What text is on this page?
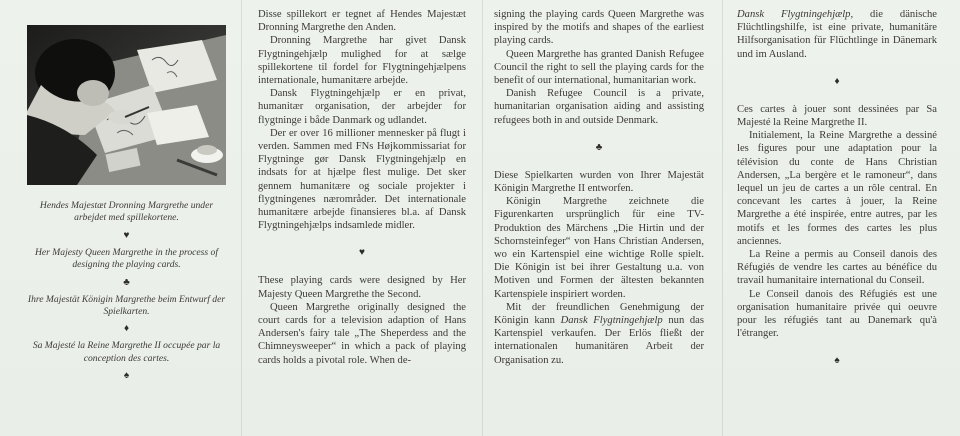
Hendes Majestæt Dronning Margrethe under arbejdet med spillekortene.

♥

Her Majesty Queen Margrethe in the process of designing the playing cards.

♣

Ihre Majestät Königin Margrethe beim Entwurf der Spielkarten.

♦

Sa Majesté la Reine Margrethe II occupée par la conception des cartes.

♠

Disse spillekort er tegnet af Hendes Majestæt Dronning Margrethe den Anden.

Dronning Margrethe har givet Dansk Flygtningehjælp mulighed for at sælge spillekortene til fordel for Flygtningehjælpens internationale, humanitære arbejde.

Dansk Flygtningehjælp er en privat, humanitær organisation, der arbejder for flygtninge i både Danmark og udlandet.

Der er over 16 millioner mennesker på flugt i verden. Sammen med FNs Højkommissariat for Flygtninge gør Dansk Flygtningehjælp en indsats for at hjælpe flest mulige. Det sker gennem humanitære og sociale projekter i flygtningenes nærområder. Det internationale humanitære arbejde finansieres bl.a. af Dansk Flygtningehjælps indsamlede midler.

♥

These playing cards were designed by Her Majesty Queen Margrethe the Second.

Queen Margrethe originally designed the court cards for a television adaption of Hans Andersen's fairy tale „The Sheperdess and the Chimneysweeper“ in which a pack of playing cards holds a pivotal role. When de-

signing the playing cards Queen Margrethe was inspired by the motifs and shapes of the earliest playing cards.

Queen Margrethe has granted Danish Refugee Council the right to sell the playing cards for the benefit of our international, humanitarian work.

Danish Refugee Council is a private, humanitarian organisation aiding and assisting refugees both in and outside Denmark.

♣

Diese Spielkarten wurden von Ihrer Majestät Königin Margrethe II entworfen.

Königin Margrethe zeichnete die Figurenkarten ursprünglich für eine TV-Produktion des Märchens „Die Hirtin und der Schornsteinfeger“ von Hans Christian Andersen, wo ein Kartenspiel eine wichtige Rolle spielt. Die Königin ist bei ihrer Gestaltung u.a. von Motiven und Formen der ältesten bekannten Kartenspiele inspiriert worden.

Mit der freundlichen Genehmigung der Königin kann Dansk Flygtningehjælp nun das Kartenspiel verkaufen. Der Erlös fließt der internationalen humanitären Arbeit der Organisation zu.

Dansk Flygtningehjælp, die dänische Flüchtlingshilfe, ist eine private, humanitäre Hilfsorganisation für Flüchtlinge in Dänemark und im Ausland.

♦

Ces cartes à jouer sont dessinées par Sa Majesté la Reine Margrethe II.

Initialement, la Reine Margrethe a dessiné les figures pour une adaptation pour la télévision du conte de Hans Christian Andersen, „La bergère et le ramoneur“, dans lequel un jeu de cartes a un rôle central. En concevant les cartes à jouer, la Reine Margrethe a été inspirée, entre autres, par les motifs et les formes des cartes les plus anciennes.

La Reine a permis au Conseil danois des Réfugiés de vendre les cartes au bénéfice du travail humanitaire international du Conseil.

Le Conseil danois des Réfugiés est une organisation humanitaire privée qui oeuvre pour les réfugiés tant au Danemark qu'à l'étranger.

♠
